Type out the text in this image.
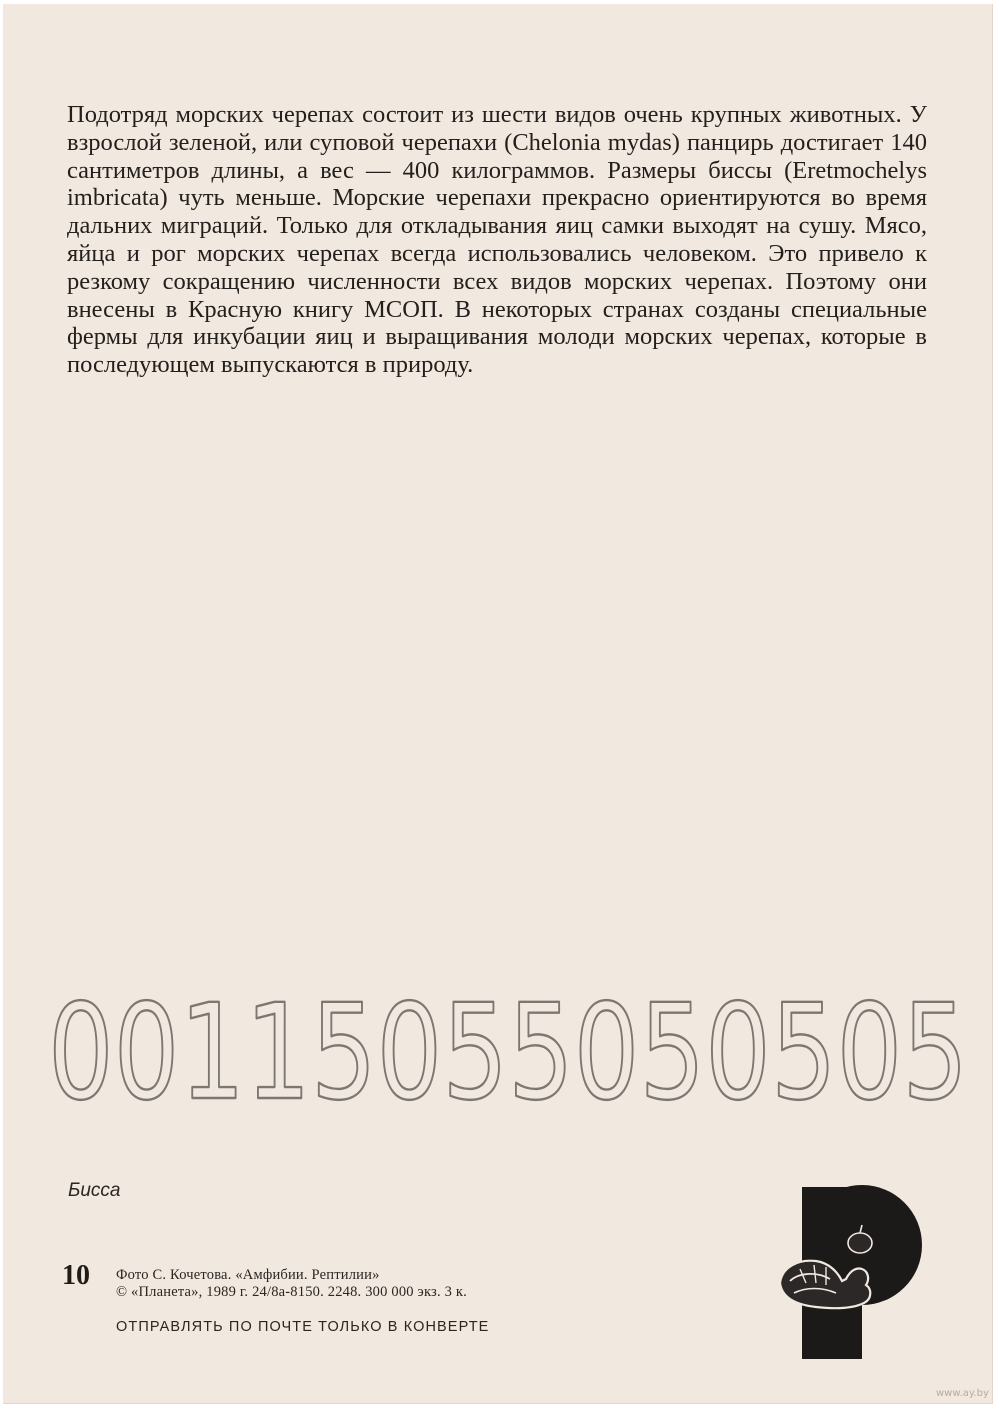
Подотряд морских черепах состоит из шести видов очень крупных животных. У взрослой зеленой, или суповой черепахи (Chelonia mydas) панцирь достигает 140 сантиметров длины, а вес — 400 килограммов. Размеры биссы (Eretmochelys imbricata) чуть меньше. Морские черепахи прекрасно ориентируются во время дальних миграций. Только для откладывания яиц самки выходят на сушу. Мясо, яйца и рог морских черепах всегда использовались человеком. Это привело к резкому сокращению численности всех видов морских черепах. Поэтому они внесены в Красную книгу МСОП. В некоторых странах созданы специальные фермы для инкубации яиц и выращивания молоди морских черепах, которые в последующем выпускаются в природу.

00115055050505

Бисса

10 Фото С. Кочетова. «Амфибии. Рептилии»
© «Планета», 1989 г. 24/8а-8150. 2248. 300 000 экз. 3 к.
ОТПРАВЛЯТЬ ПО ПОЧТЕ ТОЛЬКО В КОНВЕРТЕ
www.ay.by
